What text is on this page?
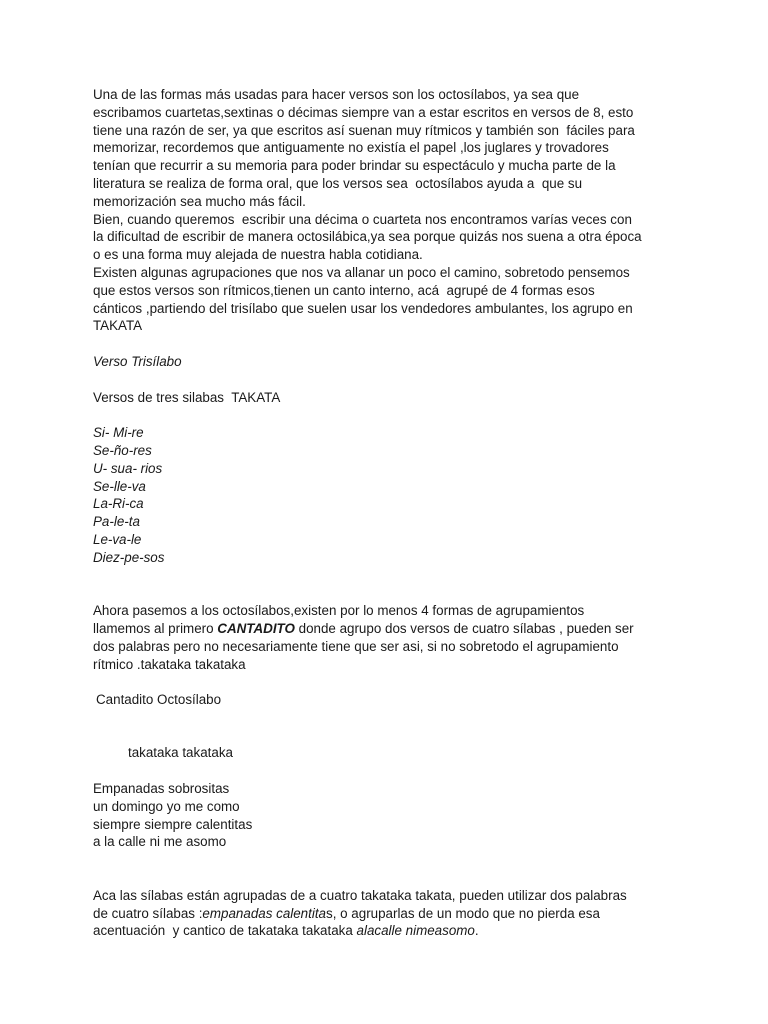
Una de las formas más usadas para hacer versos son los octosílabos, ya sea que
escribamos cuartetas,sextinas o décimas siempre van a estar escritos en versos de 8, esto
tiene una razón de ser, ya que escritos así suenan muy rítmicos y también son  fáciles para
memorizar, recordemos que antiguamente no existía el papel ,los juglares y trovadores
tenían que recurrir a su memoria para poder brindar su espectáculo y mucha parte de la
literatura se realiza de forma oral, que los versos sea  octosílabos ayuda a  que su
memorización sea mucho más fácil.
Bien, cuando queremos  escribir una décima o cuarteta nos encontramos varías veces con
la dificultad de escribir de manera octosilábica,ya sea porque quizás nos suena a otra época
o es una forma muy alejada de nuestra habla cotidiana.
Existen algunas agrupaciones que nos va allanar un poco el camino, sobretodo pensemos
que estos versos son rítmicos,tienen un canto interno, acá  agrupé de 4 formas esos
cánticos ,partiendo del trisílabo que suelen usar los vendedores ambulantes, los agrupo en
TAKATA
Verso Trisílabo
Versos de tres silabas  TAKATA
Si- Mi-re
Se-ño-res
U- sua- rios
Se-lle-va
La-Ri-ca
Pa-le-ta
Le-va-le
Diez-pe-sos
Ahora pasemos a los octosílabos,existen por lo menos 4 formas de agrupamientos
llamemos al primero CANTADITO donde agrupo dos versos de cuatro sílabas , pueden ser
dos palabras pero no necesariamente tiene que ser asi, si no sobretodo el agrupamiento
rítmico .takataka takataka
Cantadito Octosílabo
takataka takataka
Empanadas sobrositas
un domingo yo me como
siempre siempre calentitas
a la calle ni me asomo
Aca las sílabas están agrupadas de a cuatro takataka takata, pueden utilizar dos palabras
de cuatro sílabas :empanadas calentitas, o agruparlas de un modo que no pierda esa
acentuación  y cantico de takataka takataka alacalle nimeasomo.
